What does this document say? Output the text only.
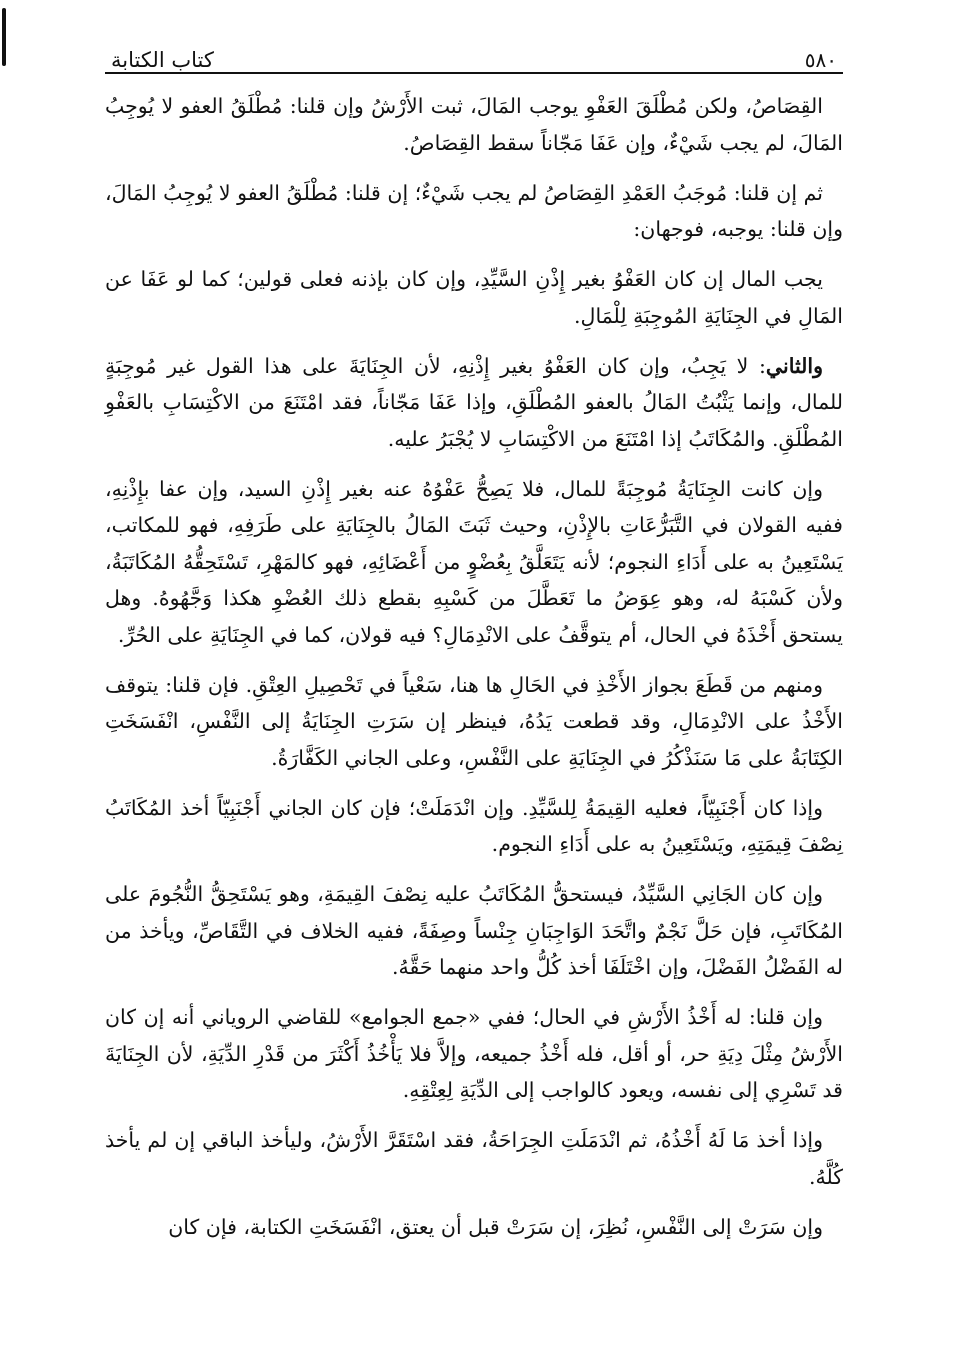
٥٨٠
كتاب الكتابة

القِصَاصُ، ولكن مُطْلَقَ العَفْوِ يوجب المَالَ، ثبت الأَرْشُ وإن قلنا: مُطْلَقُ العفو لا يُوجِبُ المَالَ، لم يجب شَيْءٌ، وإن عَفَا مَجّاناً سقط القِصَاصُ.

ثم إن قلنا: مُوجَبُ العَمْدِ القِصَاصُ لم يجب شَيْءٌ؛ إن قلنا: مُطْلَقُ العفو لا يُوجِبُ المَالَ، وإن قلنا: يوجبه، فوجهان:

يجب المال إن كان العَفْوُ بغير إِذْنِ السَّيِّدِ، وإن كان بإذنه فعلى قولين؛ كما لو عَفَا عن المَالِ في الجِنَايَةِ المُوجِبَةِ لِلْمَالِ.

والثاني: لا يَجِبُ، وإن كان العَفْوُ بغير إِذْنِهِ، لأن الجِنَايَةَ على هذا القول غير مُوجِبَةٍ للمال، وإنما يَثْبُتُ المَالُ بالعفو المُطْلَقِ، وإذا عَفَا مَجّاناً، فقد امْتَنَعَ من الاكْتِسَابِ بالعَفْوِ المُطْلَقِ. والمُكَاتَبُ إذا امْتَنَعَ من الاكْتِسَابِ لا يُجْبَرُ عليه.

وإن كانت الجِنَايَةُ مُوجِبَةً للمال، فلا يَصِحُّ عَفْوُهُ عنه بغير إِذْنِ السيد، وإن عفا بإِذْنِهِ، ففيه القولان في التَّبَرُّعَاتِ بالإِذْنِ، وحيث ثَبَتَ المَالُ بالجِنَايَةِ على طَرَفِهِ، فهو للمكاتب، يَسْتَعِينُ به على أَدَاءِ النجوم؛ لأنه يَتَعَلَّقُ بِعُضْوٍ من أَعْضَائِهِ، فهو كالمَهْرِ، تَسْتَحِقُّهُ المُكَاتَبَةُ، ولأن كَسْبَهُ له، وهو عِوَضُ ما تَعَطَّلَ من كَسْبِهِ بقطع ذلك العُضْوِ هكذا وَجَّهُوهُ. وهل يستحق أَخْذَهُ في الحال، أم يتوقَّفُ على الانْدِمَالِ؟ فيه قولان، كما في الجِنَايَةِ على الحُرِّ.

ومنهم من قَطَعَ بجواز الأَخْذِ في الحَالِ ها هنا، سَعْياً في تَحْصِيلِ العِتْقِ. فإن قلنا: يتوقف الأَخْذُ على الانْدِمَالِ، وقد قطعت يَدُهُ، فينظر إن سَرَتِ الجِنَايَةُ إلى النَّفْسِ، انْفَسَخَتِ الكِتَابَةُ على مَا سَنَذْكُرُ في الجِنَايَةِ على النَّفْسِ، وعلى الجاني الكَفَّارَةُ.

وإذا كان أَجْنَبِيّاً، فعليه القِيمَةُ لِلسَّيِّدِ. وإن انْدَمَلَتْ؛ فإن كان الجاني أَجْنَبِيّاً أخذ المُكَاتَبُ نِصْفَ قِيمَتِهِ، ويَسْتَعِينُ به على أَدَاءِ النجوم.

وإن كان الجَانِي السَّيِّدُ، فيستحقُّ المُكَاتَبُ عليه نِصْفَ القِيمَةِ، وهو يَسْتَحِقُّ النُّجُومَ على المُكَاتَبِ، فإن حَلَّ نَجْمٌ واتَّحَدَ الوَاجِبَانِ جِنْساً وصِفَةً، ففيه الخلاف في التَّقَاصِّ، ويأخذ من له الفَضْلُ الفَضْلَ، وإن اخْتَلَفَا أخذ كُلُّ واحد منهما حَقَّهُ.

وإن قلنا: له أَخْذُ الأَرْشِ في الحال؛ ففي «جمع الجوامع» للقاضي الروياني أنه إن كان الأَرْشُ مِثْلَ دِيَةِ حر، أو أقل، فله أَخْذُ جميعه، وإلاَّ فلا يَأْخُذُ أَكْثَرَ من قَدْرِ الدِّيَةِ، لأن الجِنَايَةَ قد تَسْرِي إلى نفسه، ويعود كالواجب إلى الدِّيَةِ لِعِتْقِهِ.

وإذا أخذ مَا لَهُ أَخْذُهُ، ثم انْدَمَلَتِ الجِرَاحَةُ، فقد اسْتَقَرَّ الأَرْشُ، وليأخذ الباقي إن لم يأخذ كُلَّهُ.

وإن سَرَتْ إلى النَّفْسِ، نُظِرَ، إن سَرَتْ قبل أن يعتق، انْفَسَخَتِ الكتابة، فإن كان
